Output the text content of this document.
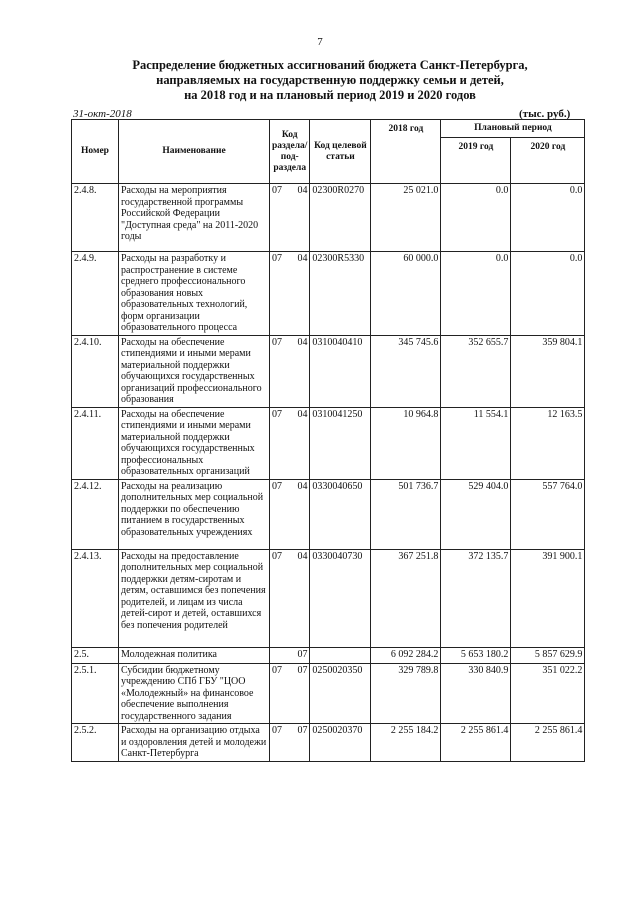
7
Распределение бюджетных ассигнований бюджета Санкт-Петербурга,
направляемых на государственную поддержку семьи и детей,
на 2018 год и на плановый период 2019 и 2020 годов
31-окт-2018	(тыс. руб.)
Номер	Наименование	Код раздела/ под-раздела	Код целевой статьи	2018 год	Плановый период	
					2019 год	2020 год
2.4.8.	Расходы на мероприятия государственной программы Российской Федерации "Доступная среда" на 2011-2020 годы	07 04	02300R0270	25 021.0	0.0	0.0
2.4.9.	Расходы на разработку и распространение в системе среднего профессионального образования новых образовательных технологий, форм организации образовательного процесса	07 04	02300R5330	60 000.0	0.0	0.0
2.4.10.	Расходы на обеспечение стипендиями и иными мерами материальной поддержки обучающихся государственных организаций профессионального образования	07 04	0310040410	345 745.6	352 655.7	359 804.1
2.4.11.	Расходы на обеспечение стипендиями и иными мерами материальной поддержки обучающихся государственных профессиональных образовательных организаций	07 04	0310041250	10 964.8	11 554.1	12 163.5
2.4.12.	Расходы на реализацию дополнительных мер социальной поддержки по обеспечению питанием в государственных образовательных учреждениях	07 04	0330040650	501 736.7	529 404.0	557 764.0
2.4.13.	Расходы на предоставление дополнительных мер социальной поддержки детям-сиротам и детям, оставшимся без попечения родителей, и лицам из числа детей-сирот и детей, оставшихся без попечения родителей	07 04	0330040730	367 251.8	372 135.7	391 900.1
2.5.	Молодежная политика	07		6 092 284.2	5 653 180.2	5 857 629.9
2.5.1.	Субсидии бюджетному учреждению СПб ГБУ "ЦОО «Молодежный» на финансовое обеспечение выполнения государственного задания	07 07	0250020350	329 789.8	330 840.9	351 022.2
2.5.2.	Расходы на организацию отдыха и оздоровления детей и молодежи Санкт-Петербурга	07 07	0250020370	2 255 184.2	2 255 861.4	2 255 861.4
